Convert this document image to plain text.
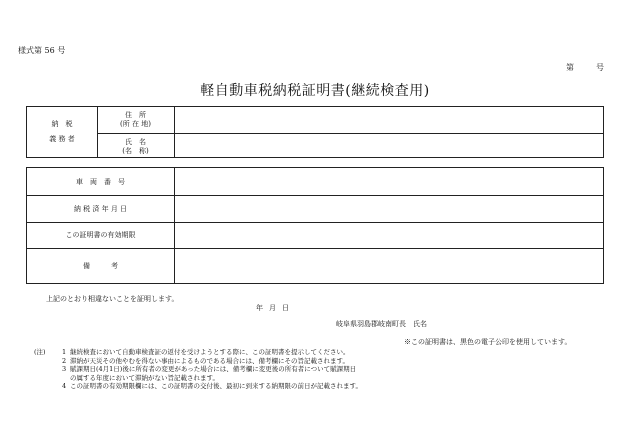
様式第 56 号
第	号
軽自動車税納税証明書(継続検査用)
納　税
義 務 者
住　所
(所 在 地)
氏　名
(名　称)
車　両　番　号
納 税 済 年 月 日
この証明書の有効期限
備　　　考
上記のとおり相違ないことを証明します。
年月日
岐阜県羽島郡岐南町長　氏名
※この証明書は、黒色の電子公印を使用しています。
(注)	1 継続検査において自動車検査証の返付を受けようとする際に、この証明書を提示してください。
2 滞納が天災その他やむを得ない事由によるものである場合には、備考欄にその旨記載されます。
3 賦課期日(4月1日)後に所有者の変更があった場合には、備考欄に変更後の所有者について賦課期日
の属する年度において滞納がない旨記載されます。
4 この証明書の有効期限欄には、この証明書の交付後、最初に到来する納期限の前日が記載されます。
